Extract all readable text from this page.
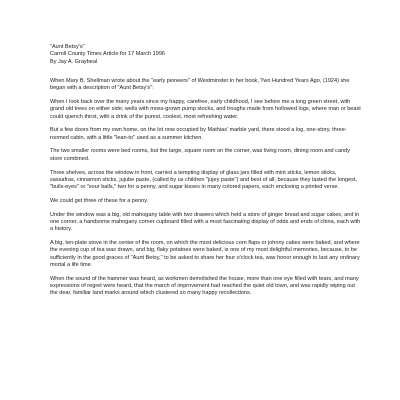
"Aunt Betsy's"
Carroll County Times Article for 17 March 1996
By Jay A. Graybeal

When Mary B. Shellman wrote about the "early pioneers" of Westminster in her book, Two Hundred Years Ago, (1924) she began with a description of "Aunt Betsy's":

When I look back over the many years since my happy, carefree, early childhood, I see before me a long green street, with grand old trees on either side; wells with moss-grown pump stocks, and troughs made from hollowed logs, where man or beast could quench thirst, with a drink of the purest, coolest, most refreshing water.

But a few doors from my own home, on the lot now occupied by Mathias' marble yard, there stood a log, one-story, three-roomed cabin, with a little "lean-to" used as a summer kitchen.

The two smaller rooms were bed rooms, but the large, square room on the corner, was living room, dining room and candy store combined.

Three shelves, across the window in front, carried a tempting display of glass jars filled with mint sticks, lemon sticks, sassafras, cinnamon sticks, jujube paste, (called by us children "jujey paste") and best of all, because they lasted the longest, "bulls-eyes" or "sour balls," two for a penny, and sugar kisses in many colored papers, each enclosing a printed verse.

We could get three of these for a penny.

Under the window was a big, old mahogany table with two drawers which held a store of ginger bread and sugar cakes, and in one corner, a handsome mahogany corner cupboard filled with a most fascinating display of odds and ends of china, each with a history.

A big, ten-plate stove in the center of the room, on which the most delicious corn flaps or johnny cakes were baked, and where the evening cup of tea was drawn, and big, flaky potatoes were baked, is one of my most delightful memories, because, to be sufficiently in the good graces of "Aunt Betsy," to be asked to share her four o'clock tea, was honor enough to last any ordinary mortal a life time.

When the sound of the hammer was heard, as workmen demolished the house, more than one eye filled with tears, and many expressions of regret were heard, that the march of improvement had reached the quiet old town, and was rapidly wiping out the dear, familiar land marks around which clustered so many happy recollections.
